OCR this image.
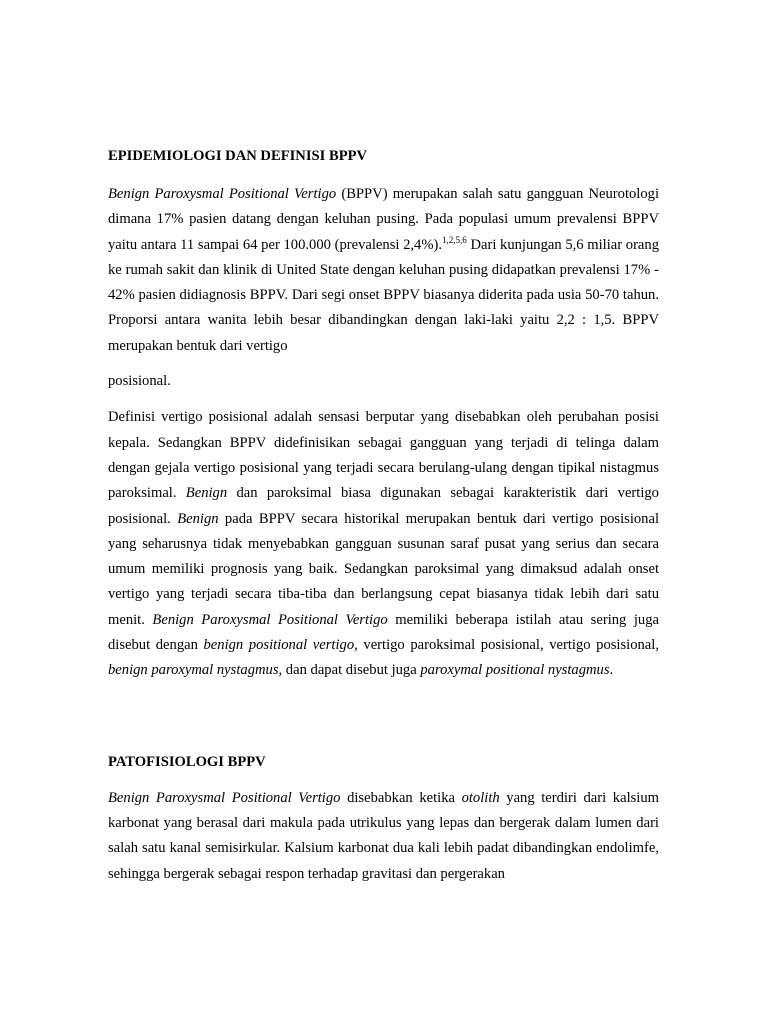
EPIDEMIOLOGI DAN DEFINISI BPPV

Benign Paroxysmal Positional Vertigo (BPPV) merupakan salah satu gangguan Neurotologi dimana 17% pasien datang dengan keluhan pusing. Pada populasi umum prevalensi BPPV yaitu antara 11 sampai 64 per 100.000 (prevalensi 2,4%).$^{1,2,5,6}$ Dari kunjungan 5,6 miliar orang ke rumah sakit dan klinik di United State dengan keluhan pusing didapatkan prevalensi 17% - 42% pasien didiagnosis BPPV. Dari segi onset BPPV biasanya diderita pada usia 50-70 tahun. Proporsi antara wanita lebih besar dibandingkan dengan laki-laki yaitu 2,2 : 1,5. BPPV merupakan bentuk dari vertigo

posisional.

Definisi vertigo posisional adalah sensasi berputar yang disebabkan oleh perubahan posisi kepala. Sedangkan BPPV didefinisikan sebagai gangguan yang terjadi di telinga dalam dengan gejala vertigo posisional yang terjadi secara berulang-ulang dengan tipikal nistagmus paroksimal. Benign dan paroksimal biasa digunakan sebagai karakteristik dari vertigo posisional. Benign pada BPPV secara historikal merupakan bentuk dari vertigo posisional yang seharusnya tidak menyebabkan gangguan susunan saraf pusat yang serius dan secara umum memiliki prognosis yang baik. Sedangkan paroksimal yang dimaksud adalah onset vertigo yang terjadi secara tiba-tiba dan berlangsung cepat biasanya tidak lebih dari satu menit. Benign Paroxysmal Positional Vertigo memiliki beberapa istilah atau sering juga disebut dengan benign positional vertigo, vertigo paroksimal posisional, vertigo posisional, benign paroxymal nystagmus, dan dapat disebut juga paroxymal positional nystagmus.

PATOFISIOLOGI BPPV

Benign Paroxysmal Positional Vertigo disebabkan ketika otolith yang terdiri dari kalsium karbonat yang berasal dari makula pada utrikulus yang lepas dan bergerak dalam lumen dari salah satu kanal semisirkular. Kalsium karbonat dua kali lebih padat dibandingkan endolimfe, sehingga bergerak sebagai respon terhadap gravitasi dan pergerakan
